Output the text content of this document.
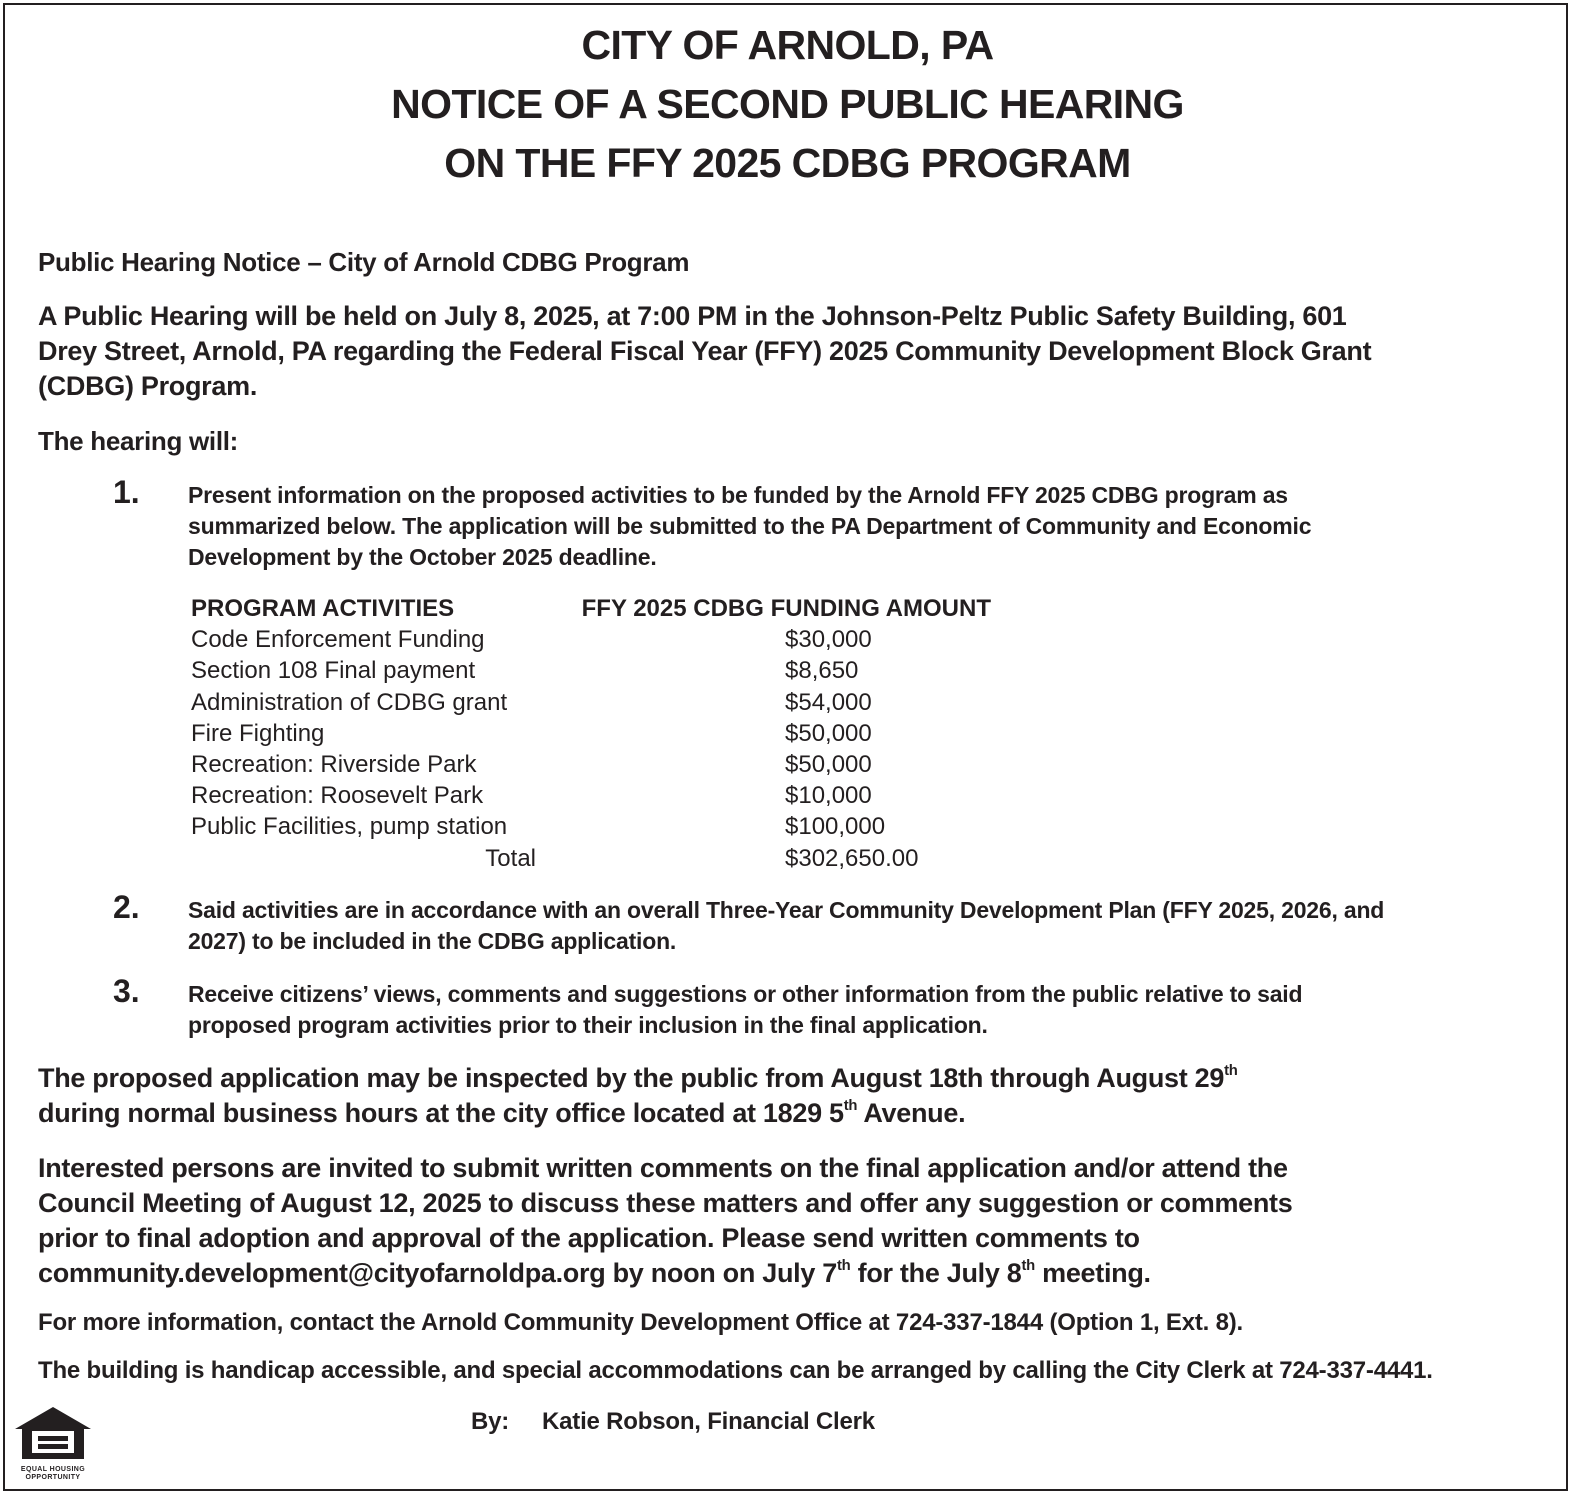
CITY OF ARNOLD, PA
NOTICE OF A SECOND PUBLIC HEARING
ON THE FFY 2025 CDBG PROGRAM
Public Hearing Notice – City of Arnold CDBG Program
A Public Hearing will be held on July 8, 2025, at 7:00 PM in the Johnson-Peltz Public Safety Building, 601
Drey Street, Arnold, PA regarding the Federal Fiscal Year (FFY) 2025 Community Development Block Grant
(CDBG) Program.
The hearing will:
1. Present information on the proposed activities to be funded by the Arnold FFY 2025 CDBG program as
summarized below. The application will be submitted to the PA Department of Community and Economic
Development by the October 2025 deadline.
PROGRAM ACTIVITIES	FFY 2025 CDBG FUNDING AMOUNT
Code Enforcement Funding	$30,000
Section 108 Final payment	$8,650
Administration of CDBG grant	$54,000
Fire Fighting	$50,000
Recreation: Riverside Park	$50,000
Recreation: Roosevelt Park	$10,000
Public Facilities, pump station	$100,000
Total	$302,650.00
2. Said activities are in accordance with an overall Three-Year Community Development Plan (FFY 2025, 2026, and
2027) to be included in the CDBG application.
3. Receive citizens’ views, comments and suggestions or other information from the public relative to said
proposed program activities prior to their inclusion in the final application.
The proposed application may be inspected by the public from August 18th through August 29th
during normal business hours at the city office located at 1829 5th Avenue.
Interested persons are invited to submit written comments on the final application and/or attend the
Council Meeting of August 12, 2025 to discuss these matters and offer any suggestion or comments
prior to final adoption and approval of the application. Please send written comments to
community.development@cityofarnoldpa.org by noon on July 7th for the July 8th meeting.
For more information, contact the Arnold Community Development Office at 724-337-1844 (Option 1, Ext. 8).
The building is handicap accessible, and special accommodations can be arranged by calling the City Clerk at 724-337-4441.
By: Katie Robson, Financial Clerk
EQUAL HOUSING
OPPORTUNITY
